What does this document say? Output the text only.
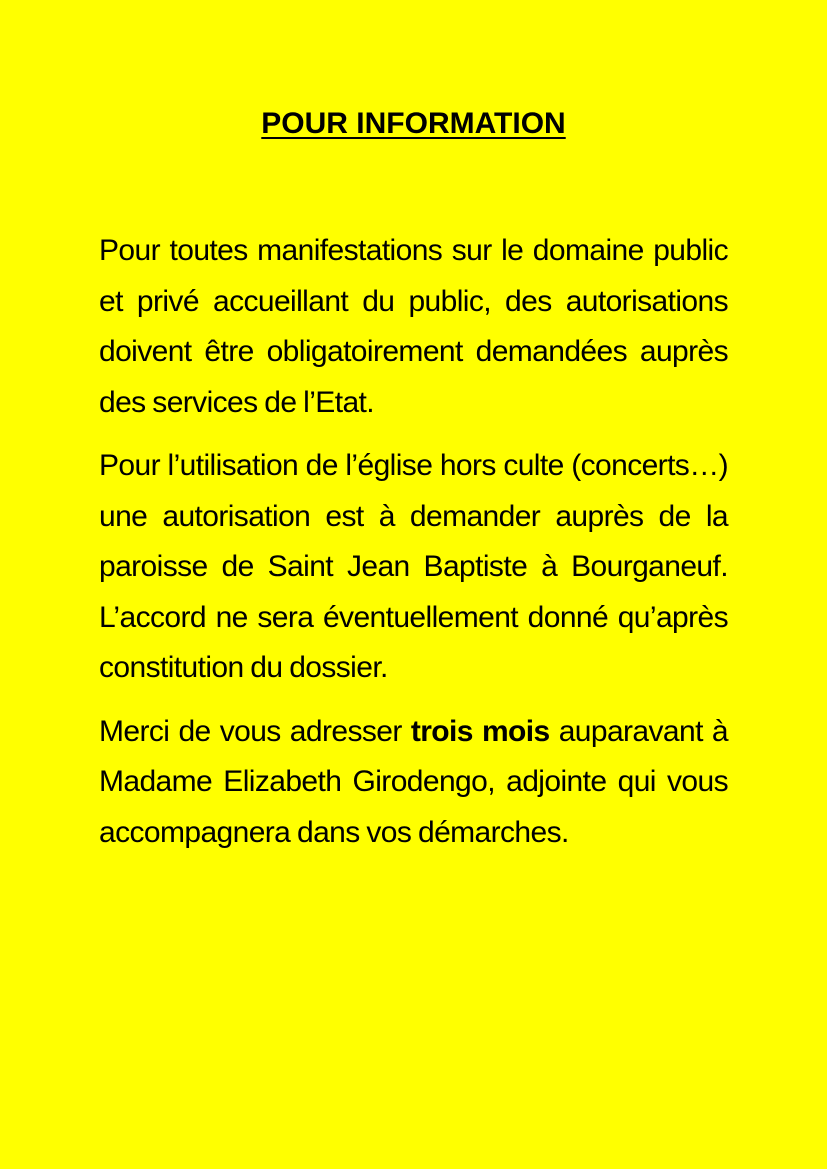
POUR INFORMATION

Pour toutes manifestations sur le domaine public et privé accueillant du public, des autorisations doivent être obligatoirement demandées auprès des services de l’Etat.

Pour l’utilisation de l’église hors culte (concerts…) une autorisation est à demander auprès de la paroisse de Saint Jean Baptiste à Bourganeuf. L’accord ne sera éventuellement donné qu’après constitution du dossier.

Merci de vous adresser trois mois auparavant à Madame Elizabeth Girodengo, adjointe qui vous accompagnera dans vos démarches.
